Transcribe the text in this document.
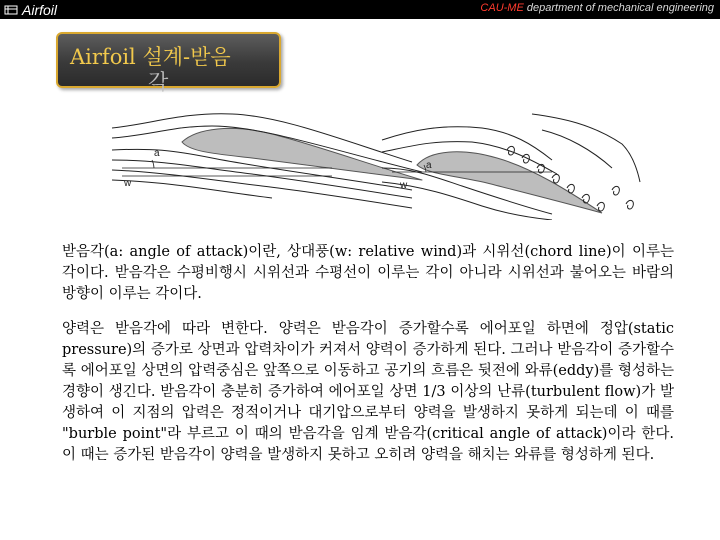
Airfoil	CAU-ME department of mechanical engineering
Airfoil 설계-받음
각
a
w
a
w

받음각(a: angle of attack)이란, 상대풍(w: relative wind)과 시위선(chord line)이 이루는 각이다. 받음각은 수평비행시 시위선과 수평선이 이루는 각이 아니라 시위선과 불어오는 바람의 방향이 이루는 각이다.

양력은 받음각에 따라 변한다. 양력은 받음각이 증가할수록 에어포일 하면에 정압(static pressure)의 증가로 상면과 압력차이가 커져서 양력이 증가하게 된다. 그러나 받음각이 증가할수록 에어포일 상면의 압력중심은 앞쪽으로 이동하고 공기의 흐름은 뒷전에 와류(eddy)를 형성하는 경향이 생긴다. 받음각이 충분히 증가하여 에어포일 상면 1/3 이상의 난류(turbulent flow)가 발생하여 이 지점의 압력은 정적이거나 대기압으로부터 양력을 발생하지 못하게 되는데 이 때를 "burble point"라 부르고 이 때의 받음각을 임계 받음각(critical angle of attack)이라 한다. 이 때는 증가된 받음각이 양력을 발생하지 못하고 오히려 양력을 해치는 와류를 형성하게 된다.

All Copyrights Reserved.
